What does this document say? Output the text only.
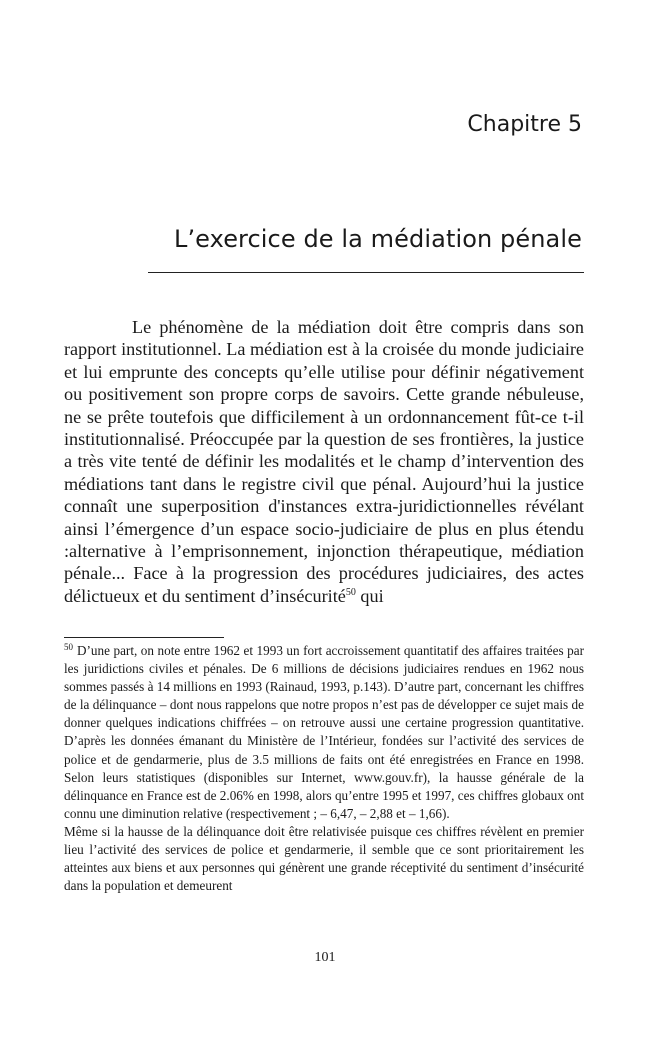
Chapitre 5
L’exercice de la médiation pénale

Le phénomène de la médiation doit être compris dans son rapport institutionnel. La médiation est à la croisée du monde judiciaire et lui emprunte des concepts qu’elle utilise pour définir négativement ou positivement son propre corps de savoirs. Cette grande nébuleuse, ne se prête toutefois que difficilement à un ordonnancement fût-ce t-il institutionnalisé. Préoccupée par la question de ses frontières, la justice a très vite tenté de définir les modalités et le champ d’intervention des médiations tant dans le registre civil que pénal. Aujourd’hui la justice connaît une superposition d'instances extra-juridictionnelles révélant ainsi l’émergence d’un espace socio-judiciaire de plus en plus étendu :alternative à l’emprisonnement, injonction thérapeutique, médiation pénale... Face à la progression des procédures judiciaires, des actes délictueux et du sentiment d’insécurité$^{50}$ qui

$^{50}$ D’une part, on note entre 1962 et 1993 un fort accroissement quantitatif des affaires traitées par les juridictions civiles et pénales. De 6 millions de décisions judiciaires rendues en 1962 nous sommes passés à 14 millions en 1993 (Rainaud, 1993, p.143). D’autre part, concernant les chiffres de la délinquance – dont nous rappelons que notre propos n’est pas de développer ce sujet mais de donner quelques indications chiffrées – on retrouve aussi une certaine progression quantitative. D’après les données émanant du Ministère de l’Intérieur, fondées sur l’activité des services de police et de gendarmerie, plus de 3.5 millions de faits ont été enregistrées en France en 1998. Selon leurs statistiques (disponibles sur Internet, www.gouv.fr), la hausse générale de la délinquance en France est de 2.06% en 1998, alors qu’entre 1995 et 1997, ces chiffres globaux ont connu une diminution relative (respectivement ; – 6,47, – 2,88 et – 1,66).

Même si la hausse de la délinquance doit être relativisée puisque ces chiffres révèlent en premier lieu l’activité des services de police et gendarmerie, il semble que ce sont prioritairement les atteintes aux biens et aux personnes qui génèrent une grande réceptivité du sentiment d’insécurité dans la population et demeurent

101
